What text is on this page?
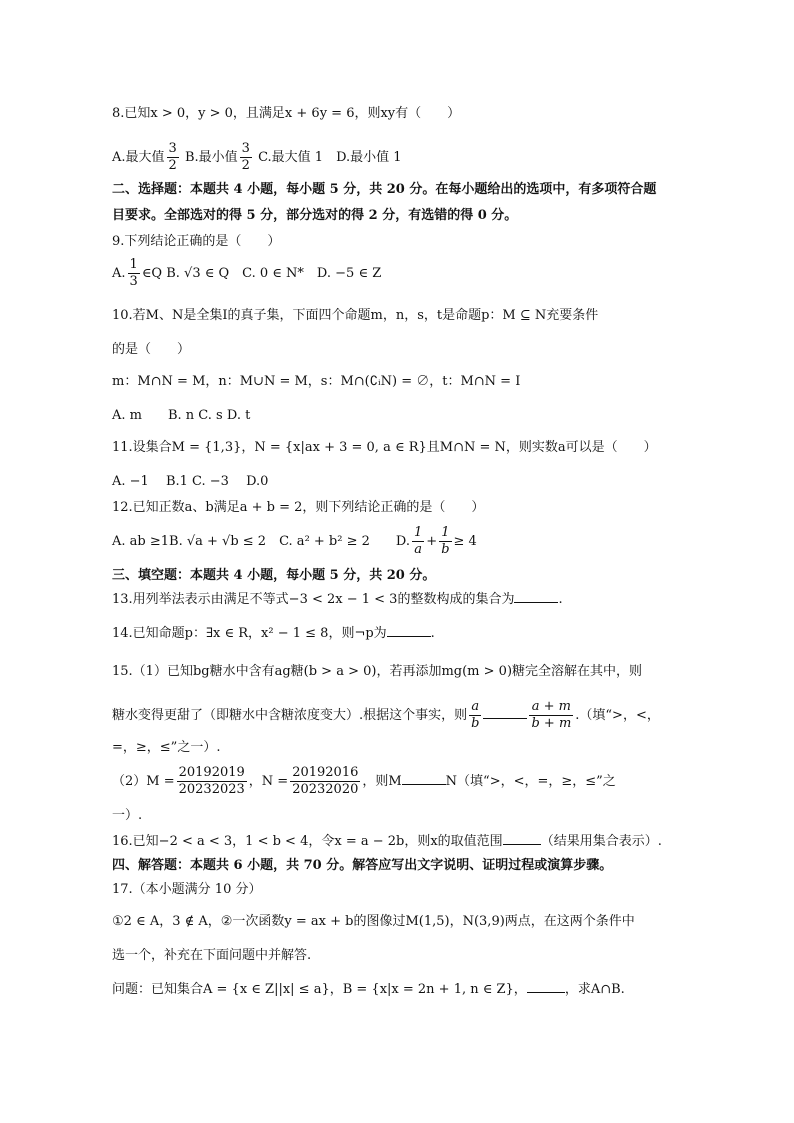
8.已知x > 0，y > 0，且满足x + 6y = 6，则xy有（　　）
A.最大值 $\frac{3}{2} B$.最小值 $\frac{3}{2} C$.最大值 1　D.最小值 1
二、选择题：本题共 4 小题，每小题 5 分，共 20 分。在每小题给出的选项中，有多项符合题
目要求。全部选对的得 5 分，部分选对的得 2 分，有选错的得 0 分。
9.下列结论正确的是（　　）
A. $\frac{1}{3}$ ∈Q B. √3 ∈ Q　C. 0 ∈ N*　D. −5 ∈ Z
10.若M、N是全集I的真子集，下面四个命题m，n，s，t是命题p：M ⊆ N充要条件
的是（　　）
m：M∩N = M，n：M∪N = M，s：M∩(∁ᵢN) = ∅，t：M∩N = I
A. m　　B. n C. s D. t
11.设集合M = {1,3}，N = {x|ax + 3 = 0, a ∈ R}且M∩N = N，则实数a可以是（　　）
A. −1　 B.1 C. −3　 D.0
12.已知正数a、b满足a + b = 2，则下列结论正确的是（　　）
A. ab ≥1B. √a + √b ≤ 2　C. a² + b² ≥ 2　　D. $\frac{1}{a} + \frac{1}{b} \ge 4$
三、填空题：本题共 4 小题，每小题 5 分，共 20 分。
13.用列举法表示由满足不等式−3 < 2x − 1 < 3的整数构成的集合为	.
14.已知命题p：∃x ∈ R，x² − 1 ≤ 8，则¬p为	.
15.（1）已知bg糖水中含有ag糖(b > a > 0)，若再添加mg(m > 0)糖完全溶解在其中，则
糖水变得更甜了（即糖水中含糖浓度变大）.根据这个事实，则 $\frac{a}{b}$	$\frac{a + m}{b + m}$ .（填“>，<，
=，≥，≤”之一）.
$(2)M = \frac{20192019}{20232023}$ ，$N = \frac{20192016}{20232020}$ ，则M	N（填“>，<，=，≥，≤”之
一）.
16.已知−2 < a < 3，1 < b < 4，令x = a − 2b，则x的取值范围	（结果用集合表示）.
四、解答题：本题共 6 小题，共 70 分。解答应写出文字说明、证明过程或演算步骤。
17.（本小题满分 10 分）
①2 ∈ A，3 ∉ A，②一次函数y = ax + b的图像过M(1,5)，N(3,9)两点，在这两个条件中
选一个，补充在下面问题中并解答.
问题：已知集合A = {x ∈ Z||x| ≤ a}，B = {x|x = 2n + 1, n ∈ Z}，	，求A∩B.
